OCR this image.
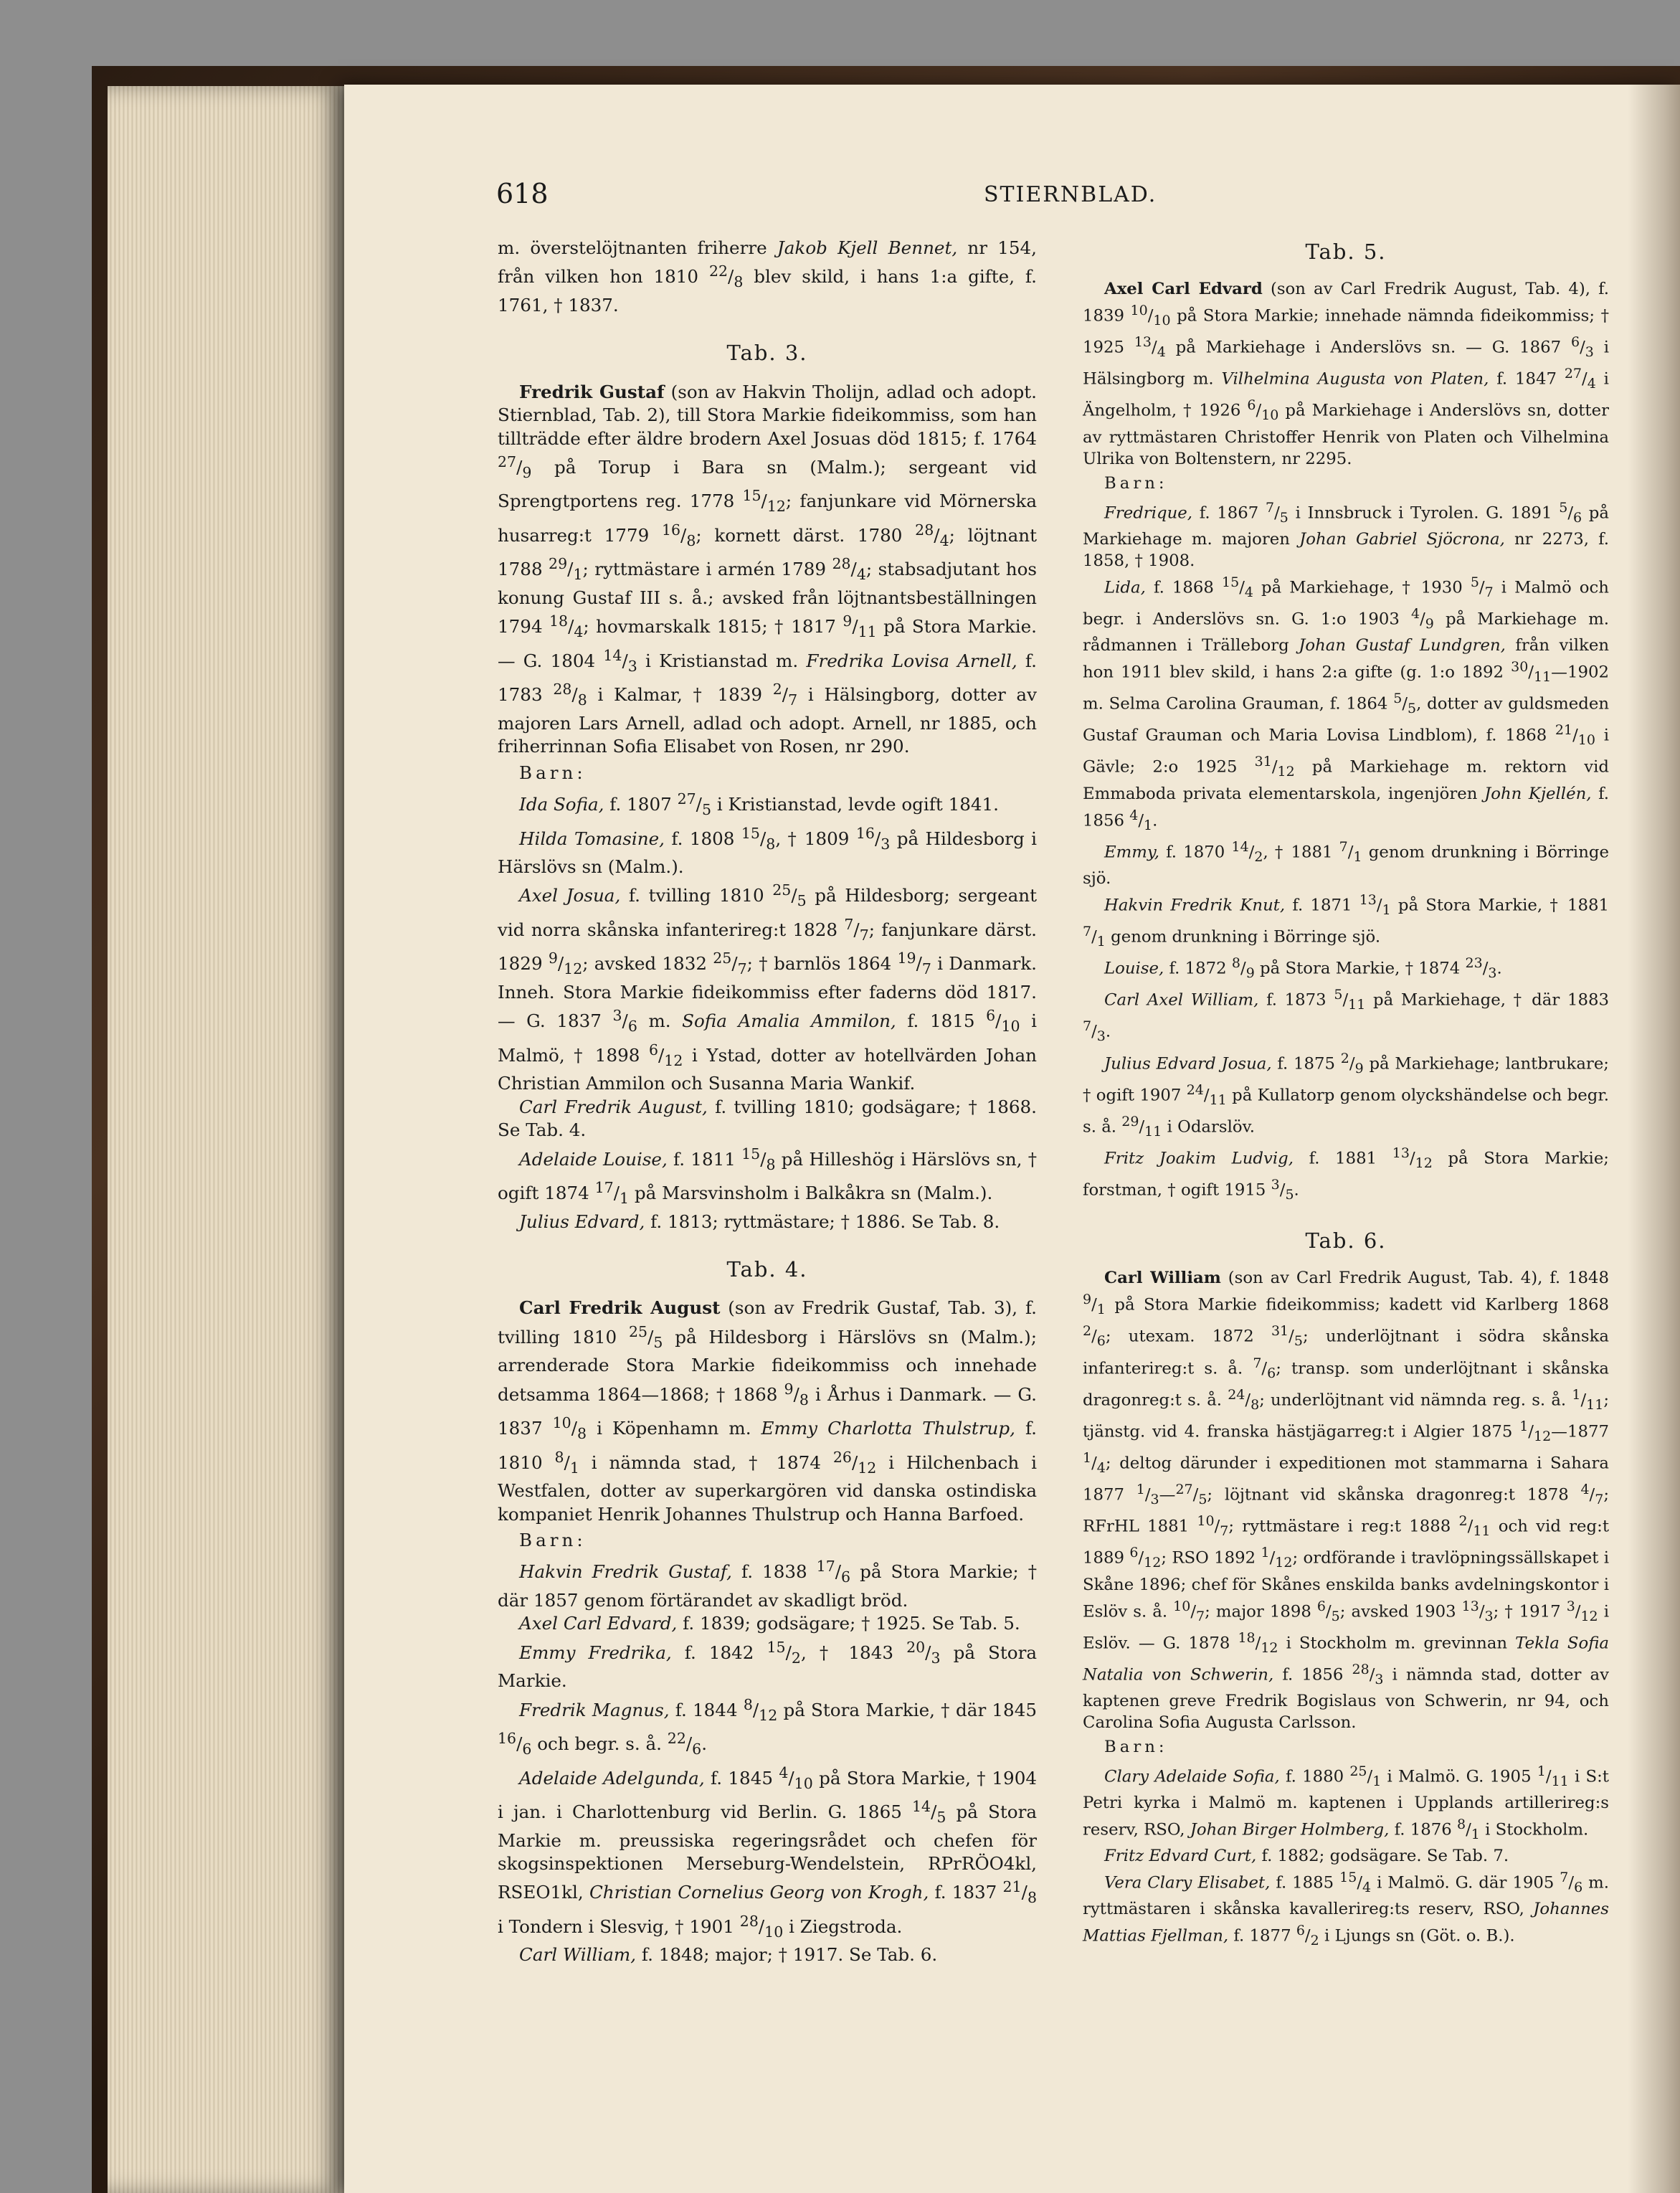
618	STIERNBLAD.

m. överstelöjtnanten friherre Jakob Kjell Bennet, nr 154, från vilken hon 1810 $^{22}/_8$ blev skild, i hans 1:a gifte, f. 1761, † 1837.

Tab. 3.

Fredrik Gustaf (son av Hakvin Tholijn, adlad och adopt. Stiernblad, Tab. 2), till Stora Markie fideikommiss, som han tillträdde efter äldre brodern Axel Josuas död 1815; f. 1764 $^{27}/_9$ på Torup i Bara sn (Malm.); sergeant vid Sprengtportens reg. 1778 $^{15}/_{12}$; fanjunkare vid Mörnerska husarreg:t 1779 $^{16}/_8$; kornett därst. 1780 $^{28}/_4$; löjtnant 1788 $^{29}/_1$; ryttmästare i armén 1789 $^{28}/_4$; stabsadjutant hos konung Gustaf III s. å.; avsked från löjtnantsbeställningen 1794 $^{18}/_4$; hovmarskalk 1815; † 1817 $^9/_{11}$ på Stora Markie. — G. 1804 $^{14}/_3$ i Kristianstad m. Fredrika Lovisa Arnell, f. 1783 $^{28}/_8$ i Kalmar, † 1839 $^2/_7$ i Hälsingborg, dotter av majoren Lars Arnell, adlad och adopt. Arnell, nr 1885, och friherrinnan Sofia Elisabet von Rosen, nr 290.

Barn:

Ida Sofia, f. 1807 $^{27}/_5$ i Kristianstad, levde ogift 1841.

Hilda Tomasine, f. 1808 $^{15}/_8$, † 1809 $^{16}/_3$ på Hildesborg i Härslövs sn (Malm.).

Axel Josua, f. tvilling 1810 $^{25}/_5$ på Hildesborg; sergeant vid norra skånska infanterireg:t 1828 $^7/_7$; fanjunkare därst. 1829 $^9/_{12}$; avsked 1832 $^{25}/_7$; † barnlös 1864 $^{19}/_7$ i Danmark. Inneh. Stora Markie fideikommiss efter faderns död 1817. — G. 1837 $^3/_6$ m. Sofia Amalia Ammilon, f. 1815 $^6/_{10}$ i Malmö, † 1898 $^6/_{12}$ i Ystad, dotter av hotellvärden Johan Christian Ammilon och Susanna Maria Wankif.

Carl Fredrik August, f. tvilling 1810; godsägare; † 1868. Se Tab. 4.

Adelaide Louise, f. 1811 $^{15}/_8$ på Hilleshög i Härslövs sn, † ogift 1874 $^{17}/_1$ på Marsvinsholm i Balkåkra sn (Malm.).

Julius Edvard, f. 1813; ryttmästare; † 1886. Se Tab. 8.

Tab. 4.

Carl Fredrik August (son av Fredrik Gustaf, Tab. 3), f. tvilling 1810 $^{25}/_5$ på Hildesborg i Härslövs sn (Malm.); arrenderade Stora Markie fideikommiss och innehade detsamma 1864—1868; † 1868 $^9/_8$ i Århus i Danmark. — G. 1837 $^{10}/_8$ i Köpenhamn m. Emmy Charlotta Thulstrup, f. 1810 $^8/_1$ i nämnda stad, † 1874 $^{26}/_{12}$ i Hilchenbach i Westfalen, dotter av superkargören vid danska ostindiska kompaniet Henrik Johannes Thulstrup och Hanna Barfoed.

Barn:

Hakvin Fredrik Gustaf, f. 1838 $^{17}/_6$ på Stora Markie; † där 1857 genom förtärandet av skadligt bröd.

Axel Carl Edvard, f. 1839; godsägare; † 1925. Se Tab. 5.

Emmy Fredrika, f. 1842 $^{15}/_2$, † 1843 $^{20}/_3$ på Stora Markie.

Fredrik Magnus, f. 1844 $^8/_{12}$ på Stora Markie, † där 1845 $^{16}/_6$ och begr. s. å. $^{22}/_6$.

Adelaide Adelgunda, f. 1845 $^4/_{10}$ på Stora Markie, † 1904 i jan. i Charlottenburg vid Berlin. G. 1865 $^{14}/_5$ på Stora Markie m. preussiska regeringsrådet och chefen för skogsinspektionen Merseburg-Wendelstein, RPrRÖO4kl, RSEO1kl, Christian Cornelius Georg von Krogh, f. 1837 $^{21}/_8$ i Tondern i Slesvig, † 1901 $^{28}/_{10}$ i Ziegstroda.

Carl William, f. 1848; major; † 1917. Se Tab. 6.

Tab. 5.

Axel Carl Edvard (son av Carl Fredrik August, Tab. 4), f. 1839 $^{10}/_{10}$ på Stora Markie; innehade nämnda fideikommiss; † 1925 $^{13}/_4$ på Markiehage i Anderslövs sn. — G. 1867 $^6/_3$ i Hälsingborg m. Vilhelmina Augusta von Platen, f. 1847 $^{27}/_4$ i Ängelholm, † 1926 $^6/_{10}$ på Markiehage i Anderslövs sn, dotter av ryttmästaren Christoffer Henrik von Platen och Vilhelmina Ulrika von Boltenstern, nr 2295.

Barn:

Fredrique, f. 1867 $^7/_5$ i Innsbruck i Tyrolen. G. 1891 $^5/_6$ på Markiehage m. majoren Johan Gabriel Sjöcrona, nr 2273, f. 1858, † 1908.

Lida, f. 1868 $^{15}/_4$ på Markiehage, † 1930 $^5/_7$ i Malmö och begr. i Anderslövs sn. G. 1:o 1903 $^4/_9$ på Markiehage m. rådmannen i Trälleborg Johan Gustaf Lundgren, från vilken hon 1911 blev skild, i hans 2:a gifte (g. 1:o 1892 $^{30}/_{11}—1902$ m. Selma Carolina Grauman, f. 1864 $^5/_5$, dotter av guldsmeden Gustaf Grauman och Maria Lovisa Lindblom), f. 1868 $^{21}/_{10}$ i Gävle; 2:o 1925 $^{31}/_{12}$ på Markiehage m. rektorn vid Emmaboda privata elementarskola, ingenjören John Kjellén, f. 1856 $^4/_1$.

Emmy, f. 1870 $^{14}/_2$, † 1881 $^7/_1$ genom drunkning i Börringe sjö.

Hakvin Fredrik Knut, f. 1871 $^{13}/_1$ på Stora Markie, † 1881 $^7/_1$ genom drunkning i Börringe sjö.

Louise, f. 1872 $^8/_9$ på Stora Markie, † 1874 $^{23}/_3$.

Carl Axel William, f. 1873 $^5/_{11}$ på Markiehage, † där 1883 $^7/_3$.

Julius Edvard Josua, f. 1875 $^2/_9$ på Markiehage; lantbrukare; † ogift 1907 $^{24}/_{11}$ på Kullatorp genom olyckshändelse och begr. s. å. $^{29}/_{11}$ i Odarslöv.

Fritz Joakim Ludvig, f. 1881 $^{13}/_{12}$ på Stora Markie; forstman, † ogift 1915 $^3/_5$.

Tab. 6.

Carl William (son av Carl Fredrik August, Tab. 4), f. 1848 $^9/_1$ på Stora Markie fideikommiss; kadett vid Karlberg 1868 $^2/_6$; utexam. 1872 $^{31}/_5$; underlöjtnant i södra skånska infanterireg:t s. å. $^7/_6$; transp. som underlöjtnant i skånska dragonreg:t s. å. $^{24}/_8$; underlöjtnant vid nämnda reg. s. å. $^1/_{11}$; tjänstg. vid 4. franska hästjägarreg:t i Algier 1875 $^1/_{12}—1877$ $^1/_4$; deltog därunder i expeditionen mot stammarna i Sahara 1877 $^1/_3—^{27}/_5$; löjtnant vid skånska dragonreg:t 1878 $^4/_7$; RFrHL 1881 $^{10}/_7$; ryttmästare i reg:t 1888 $^2/_{11}$ och vid reg:t 1889 $^6/_{12}$; RSO 1892 $^1/_{12}$; ordförande i travlöpningssällskapet i Skåne 1896; chef för Skånes enskilda banks avdelningskontor i Eslöv s. å. $^{10}/_7$; major 1898 $^6/_5$; avsked 1903 $^{13}/_3$; † 1917 $^3/_{12}$ i Eslöv. — G. 1878 $^{18}/_{12}$ i Stockholm m. grevinnan Tekla Sofia Natalia von Schwerin, f. 1856 $^{28}/_3$ i nämnda stad, dotter av kaptenen greve Fredrik Bogislaus von Schwerin, nr 94, och Carolina Sofia Augusta Carlsson.

Barn:

Clary Adelaide Sofia, f. 1880 $^{25}/_1$ i Malmö. G. 1905 $^1/_{11}$ i S:t Petri kyrka i Malmö m. kaptenen i Upplands artillerireg:s reserv, RSO, Johan Birger Holmberg, f. 1876 $^8/_1$ i Stockholm.

Fritz Edvard Curt, f. 1882; godsägare. Se Tab. 7.

Vera Clary Elisabet, f. 1885 $^{15}/_4$ i Malmö. G. där 1905 $^7/_6$ m. ryttmästaren i skånska kavallerireg:ts reserv, RSO, Johannes Mattias Fjellman, f. 1877 $^6/_2$ i Ljungs sn (Göt. o. B.).
